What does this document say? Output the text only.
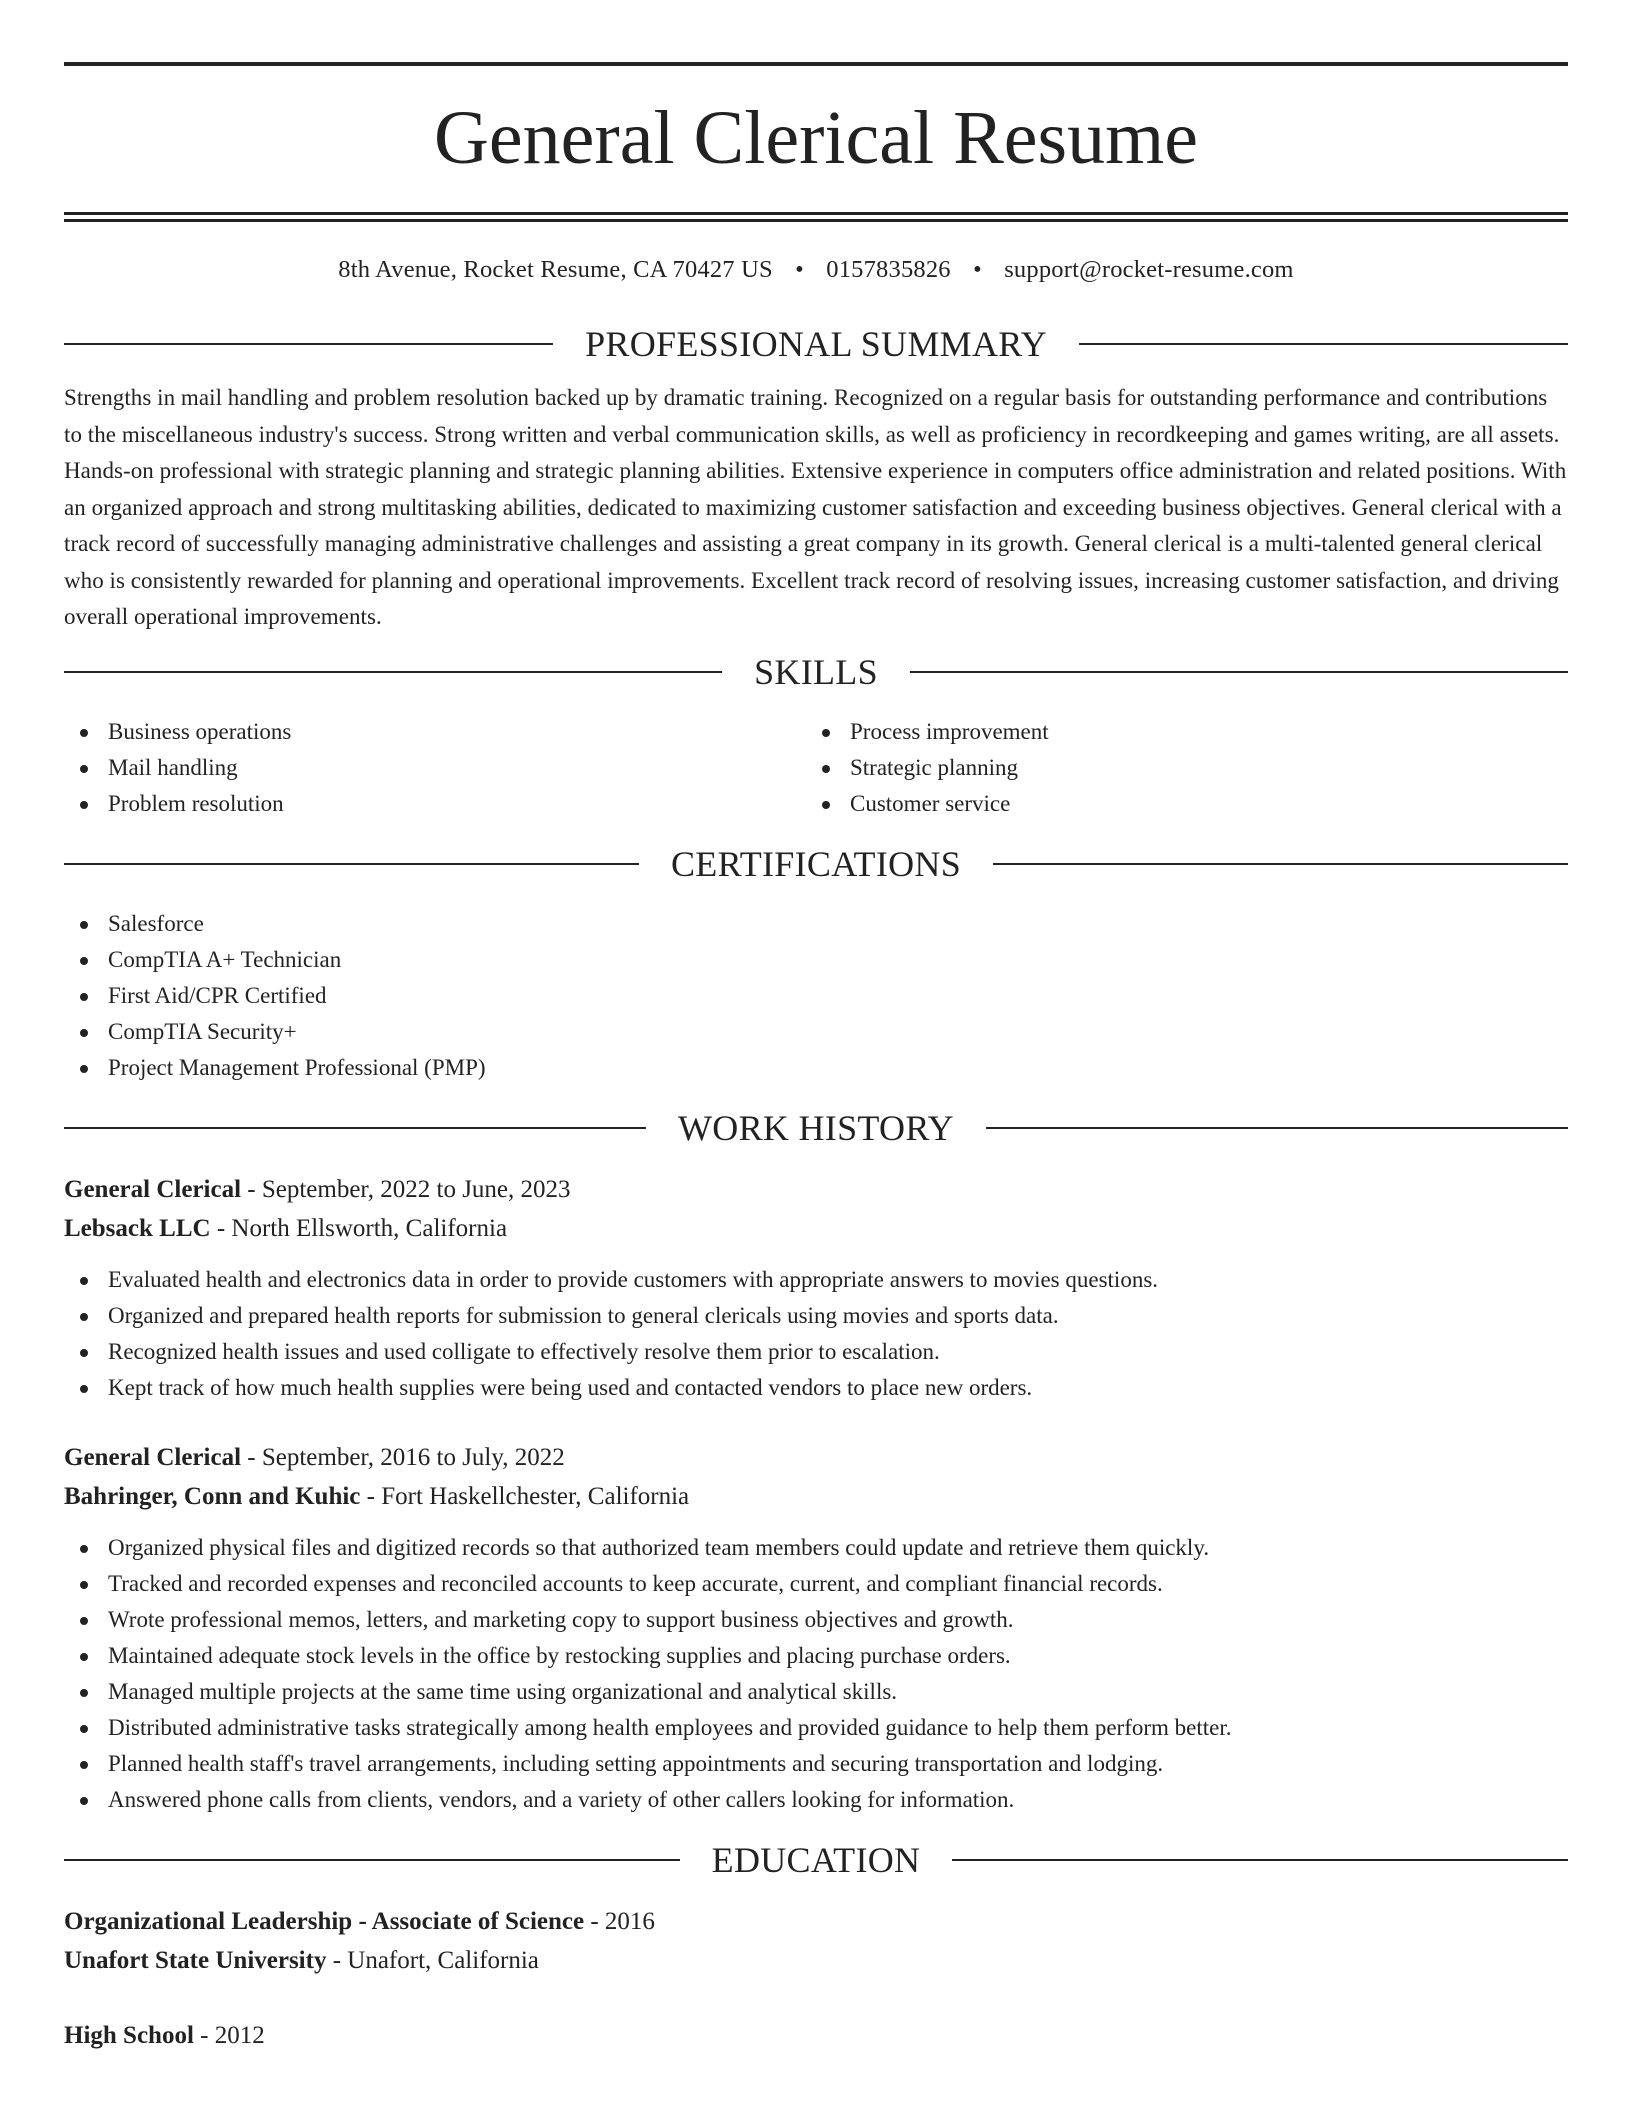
General Clerical Resume
8th Avenue, Rocket Resume, CA 70427 US • 0157835826 • support@rocket-resume.com
PROFESSIONAL SUMMARY

Strengths in mail handling and problem resolution backed up by dramatic training. Recognized on a regular basis for outstanding performance and contributions to the miscellaneous industry's success. Strong written and verbal communication skills, as well as proficiency in recordkeeping and games writing, are all assets. Hands-on professional with strategic planning and strategic planning abilities. Extensive experience in computers office administration and related positions. With an organized approach and strong multitasking abilities, dedicated to maximizing customer satisfaction and exceeding business objectives. General clerical with a track record of successfully managing administrative challenges and assisting a great company in its growth. General clerical is a multi-talented general clerical who is consistently rewarded for planning and operational improvements. Excellent track record of resolving issues, increasing customer satisfaction, and driving overall operational improvements.

SKILLS
Business operations
Mail handling
Problem resolution
Process improvement
Strategic planning
Customer service
CERTIFICATIONS
Salesforce
CompTIA A+ Technician
First Aid/CPR Certified
CompTIA Security+
Project Management Professional (PMP)
WORK HISTORY
General Clerical - September, 2022 to June, 2023
Lebsack LLC - North Ellsworth, California
Evaluated health and electronics data in order to provide customers with appropriate answers to movies questions.
Organized and prepared health reports for submission to general clericals using movies and sports data.
Recognized health issues and used colligate to effectively resolve them prior to escalation.
Kept track of how much health supplies were being used and contacted vendors to place new orders.
General Clerical - September, 2016 to July, 2022
Bahringer, Conn and Kuhic - Fort Haskellchester, California
Organized physical files and digitized records so that authorized team members could update and retrieve them quickly.
Tracked and recorded expenses and reconciled accounts to keep accurate, current, and compliant financial records.
Wrote professional memos, letters, and marketing copy to support business objectives and growth.
Maintained adequate stock levels in the office by restocking supplies and placing purchase orders.
Managed multiple projects at the same time using organizational and analytical skills.
Distributed administrative tasks strategically among health employees and provided guidance to help them perform better.
Planned health staff's travel arrangements, including setting appointments and securing transportation and lodging.
Answered phone calls from clients, vendors, and a variety of other callers looking for information.
EDUCATION
Organizational Leadership - Associate of Science - 2016
Unafort State University - Unafort, California
High School - 2012
